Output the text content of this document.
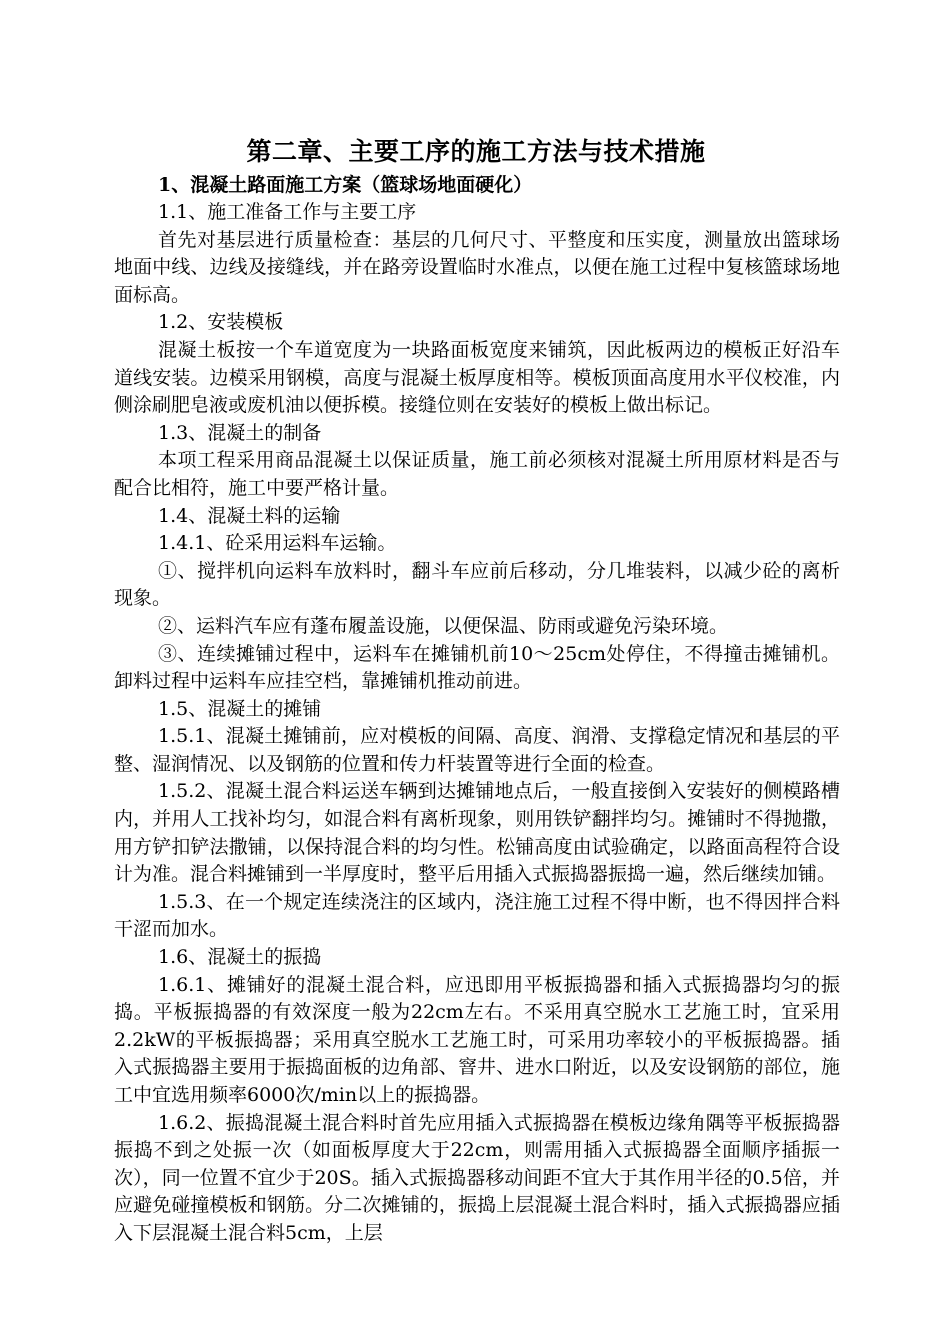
第二章、主要工序的施工方法与技术措施

1、混凝土路面施工方案（篮球场地面硬化）

1.1、施工准备工作与主要工序

首先对基层进行质量检查：基层的几何尺寸、平整度和压实度，测量放出篮球场地面中线、边线及接缝线，并在路旁设置临时水准点，以便在施工过程中复核篮球场地面标高。

1.2、安装模板

混凝土板按一个车道宽度为一块路面板宽度来铺筑，因此板两边的模板正好沿车道线安装。边模采用钢模，高度与混凝土板厚度相等。模板顶面高度用水平仪校准，内侧涂刷肥皂液或废机油以便拆模。接缝位则在安装好的模板上做出标记。

1.3、混凝土的制备

本项工程采用商品混凝土以保证质量，施工前必须核对混凝土所用原材料是否与配合比相符，施工中要严格计量。

1.4、混凝土料的运输

1.4.1、砼采用运料车运输。

①、搅拌机向运料车放料时，翻斗车应前后移动，分几堆装料，以减少砼的离析现象。

②、运料汽车应有蓬布履盖设施，以便保温、防雨或避免污染环境。

③、连续摊铺过程中，运料车在摊铺机前10～25cm处停住，不得撞击摊铺机。卸料过程中运料车应挂空档，靠摊铺机推动前进。

1.5、混凝土的摊铺

1.5.1、混凝土摊铺前，应对模板的间隔、高度、润滑、支撑稳定情况和基层的平整、湿润情况、以及钢筋的位置和传力杆装置等进行全面的检查。

1.5.2、混凝土混合料运送车辆到达摊铺地点后，一般直接倒入安装好的侧模路槽内，并用人工找补均匀，如混合料有离析现象，则用铁铲翻拌均匀。摊铺时不得抛撒，用方铲扣铲法撒铺，以保持混合料的均匀性。松铺高度由试验确定，以路面高程符合设计为准。混合料摊铺到一半厚度时，整平后用插入式振捣器振捣一遍，然后继续加铺。

1.5.3、在一个规定连续浇注的区域内，浇注施工过程不得中断，也不得因拌合料干涩而加水。

1.6、混凝土的振捣

1.6.1、摊铺好的混凝土混合料，应迅即用平板振捣器和插入式振捣器均匀的振捣。平板振捣器的有效深度一般为22cm左右。不采用真空脱水工艺施工时，宜采用2.2kW的平板振捣器；采用真空脱水工艺施工时，可采用功率较小的平板振捣器。插入式振捣器主要用于振捣面板的边角部、窨井、进水口附近，以及安设钢筋的部位，施工中宜选用频率6000次/min以上的振捣器。

1.6.2、振捣混凝土混合料时首先应用插入式振捣器在模板边缘角隅等平板振捣器振捣不到之处振一次（如面板厚度大于22cm，则需用插入式振捣器全面顺序插振一次），同一位置不宜少于20S。插入式振捣器移动间距不宜大于其作用半径的0.5倍，并应避免碰撞模板和钢筋。分二次摊铺的，振捣上层混凝土混合料时，插入式振捣器应插入下层混凝土混合料5cm，上层
